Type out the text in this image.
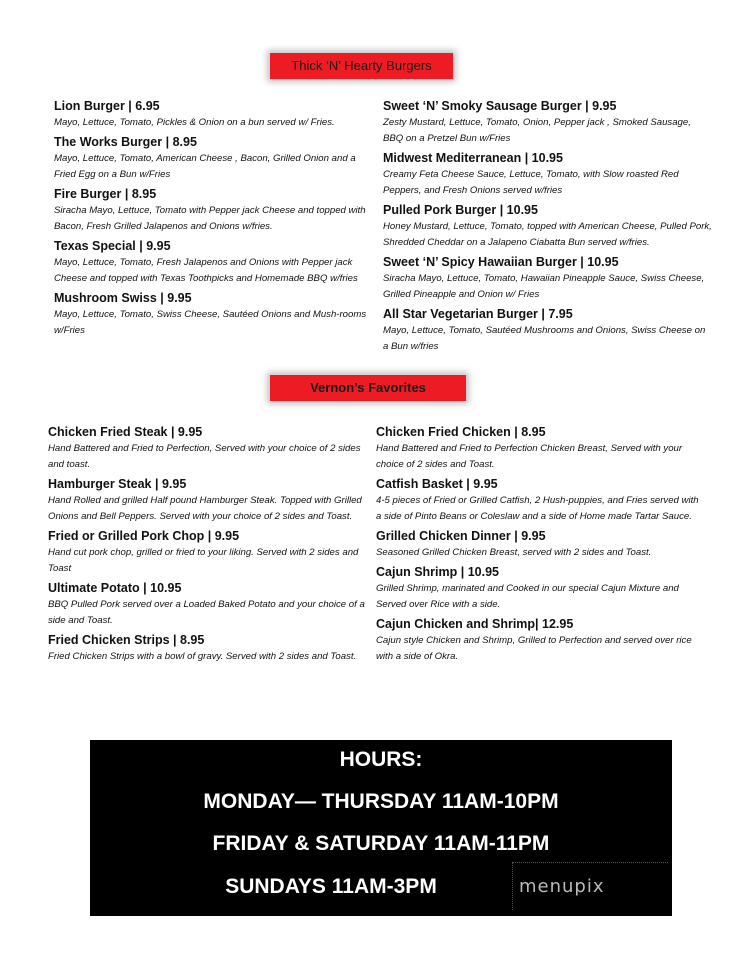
Thick ‘N’ Hearty Burgers
Lion Burger | 6.95
Mayo, Lettuce, Tomato, Pickles & Onion on a bun served w/ Fries.
The Works Burger | 8.95
Mayo, Lettuce, Tomato, American Cheese , Bacon, Grilled Onion and a Fried Egg on a Bun w/Fries
Fire Burger | 8.95
Siracha Mayo, Lettuce, Tomato with Pepper jack Cheese and topped with Bacon, Fresh Grilled Jalapenos and Onions w/fries.
Texas Special | 9.95
Mayo, Lettuce, Tomato, Fresh Jalapenos and Onions with Pepper jack Cheese and topped with Texas Toothpicks and Homemade BBQ w/fries
Mushroom Swiss | 9.95
Mayo, Lettuce, Tomato, Swiss Cheese, Sautéed Onions and Mush-rooms w/Fries
Sweet ‘N’ Smoky Sausage Burger | 9.95
Zesty Mustard, Lettuce, Tomato, Onion, Pepper jack , Smoked Sausage, BBQ on a Pretzel Bun w/Fries
Midwest Mediterranean | 10.95
Creamy Feta Cheese Sauce, Lettuce, Tomato, with Slow roasted Red Peppers, and Fresh Onions served w/fries
Pulled Pork Burger | 10.95
Honey Mustard, Lettuce, Tomato, topped with American Cheese, Pulled Pork, Shredded Cheddar on a Jalapeno Ciabatta Bun served w/fries.
Sweet ‘N’ Spicy Hawaiian Burger | 10.95
Siracha Mayo, Lettuce, Tomato, Hawaiian Pineapple Sauce, Swiss Cheese, Grilled Pineapple and Onion w/ Fries
All Star Vegetarian Burger | 7.95
Mayo, Lettuce, Tomato, Sautéed Mushrooms and Onions, Swiss Cheese on a Bun w/fries
Vernon’s Favorites
Chicken Fried Steak | 9.95
Hand Battered and Fried to Perfection, Served with your choice of 2 sides and toast.
Hamburger Steak | 9.95
Hand Rolled and grilled Half pound Hamburger Steak. Topped with Grilled Onions and Bell Peppers. Served with your choice of 2 sides and Toast.
Fried or Grilled Pork Chop | 9.95
Hand cut pork chop, grilled or fried to your liking. Served with 2 sides and Toast
Ultimate Potato | 10.95
BBQ Pulled Pork served over a Loaded Baked Potato and your choice of a side and Toast.
Fried Chicken Strips | 8.95
Fried Chicken Strips with a bowl of gravy. Served with 2 sides and Toast.
Chicken Fried Chicken | 8.95
Hand Battered and Fried to Perfection Chicken Breast, Served with your choice of 2 sides and Toast.
Catfish Basket | 9.95
4-5 pieces of Fried or Grilled Catfish, 2 Hush-puppies, and Fries served with a side of Pinto Beans or Coleslaw and a side of Home made Tartar Sauce.
Grilled Chicken Dinner | 9.95
Seasoned Grilled Chicken Breast, served with 2 sides and Toast.
Cajun Shrimp | 10.95
Grilled Shrimp, marinated and Cooked in our special Cajun Mixture and Served over Rice with a side.
Cajun Chicken and Shrimp| 12.95
Cajun style Chicken and Shrimp, Grilled to Perfection and served over rice with a side of Okra.
HOURS:
MONDAY— THURSDAY 11AM-10PM
FRIDAY & SATURDAY 11AM-11PM
SUNDAYS 11AM-3PM	menupix
